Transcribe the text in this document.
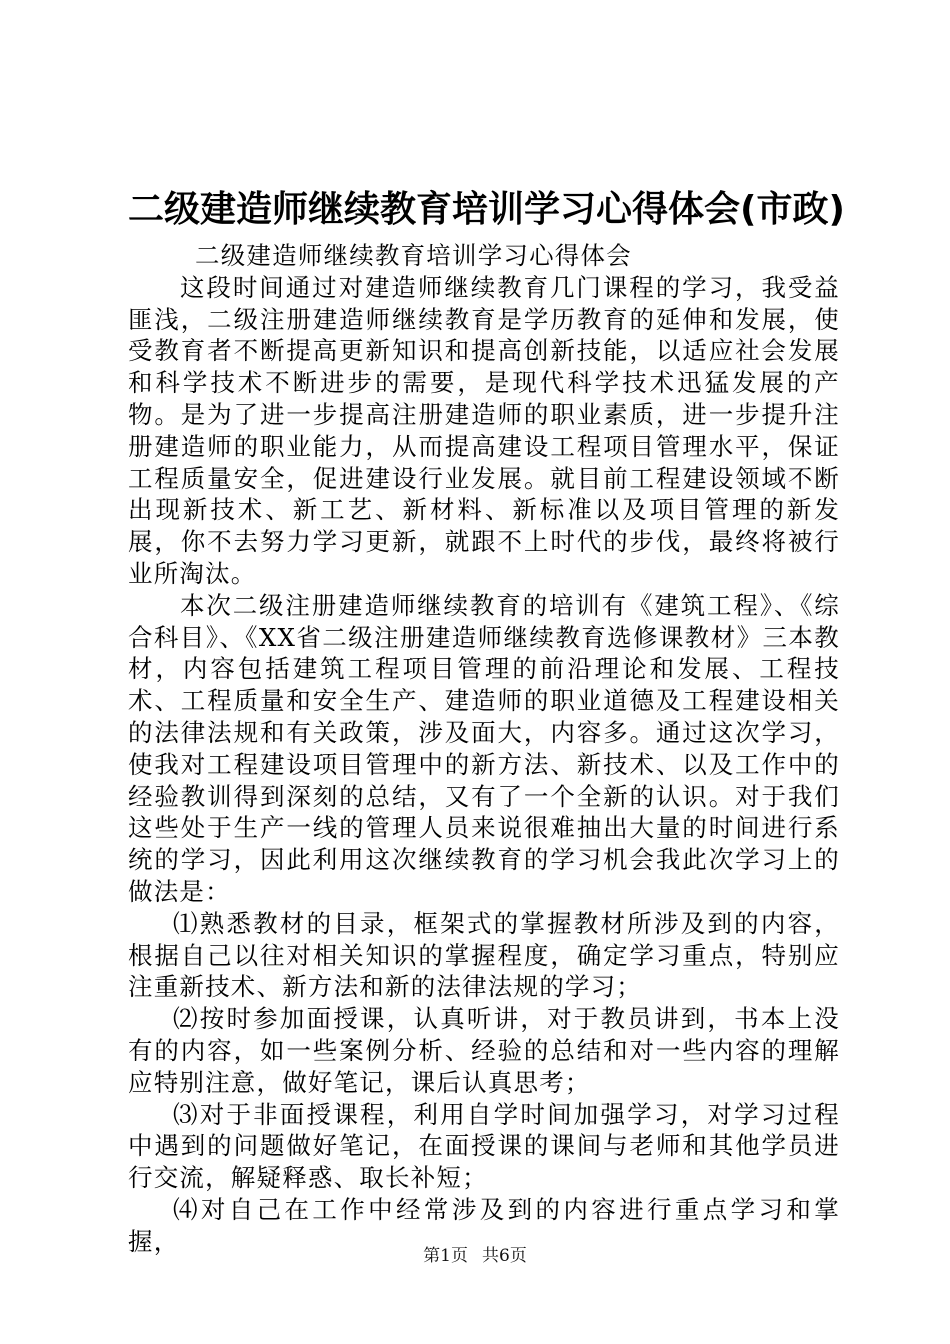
二级建造师继续教育培训学习心得体会(市政)

二级建造师继续教育培训学习心得体会

这段时间通过对建造师继续教育几门课程的学习，我受益匪浅，二级注册建造师继续教育是学历教育的延伸和发展，使受教育者不断提高更新知识和提高创新技能，以适应社会发展和科学技术不断进步的需要，是现代科学技术迅猛发展的产物。是为了进一步提高注册建造师的职业素质，进一步提升注册建造师的职业能力，从而提高建设工程项目管理水平，保证工程质量安全，促进建设行业发展。就目前工程建设领域不断出现新技术、新工艺、新材料、新标准以及项目管理的新发展，你不去努力学习更新，就跟不上时代的步伐，最终将被行业所淘汰。

本次二级注册建造师继续教育的培训有《建筑工程》、《综合科目》、《XX省二级注册建造师继续教育选修课教材》三本教材，内容包括建筑工程项目管理的前沿理论和发展、工程技术、工程质量和安全生产、建造师的职业道德及工程建设相关的法律法规和有关政策，涉及面大，内容多。通过这次学习，使我对工程建设项目管理中的新方法、新技术、以及工作中的经验教训得到深刻的总结，又有了一个全新的认识。对于我们这些处于生产一线的管理人员来说很难抽出大量的时间进行系统的学习，因此利用这次继续教育的学习机会我此次学习上的做法是：

⑴熟悉教材的目录，框架式的掌握教材所涉及到的内容，根据自己以往对相关知识的掌握程度，确定学习重点，特别应注重新技术、新方法和新的法律法规的学习；

⑵按时参加面授课，认真听讲，对于教员讲到，书本上没有的内容，如一些案例分析、经验的总结和对一些内容的理解应特别注意，做好笔记，课后认真思考；

⑶对于非面授课程，利用自学时间加强学习，对学习过程中遇到的问题做好笔记，在面授课的课间与老师和其他学员进行交流，解疑释惑、取长补短；

⑷对自己在工作中经常涉及到的内容进行重点学习和掌握，

第1页 共6页
